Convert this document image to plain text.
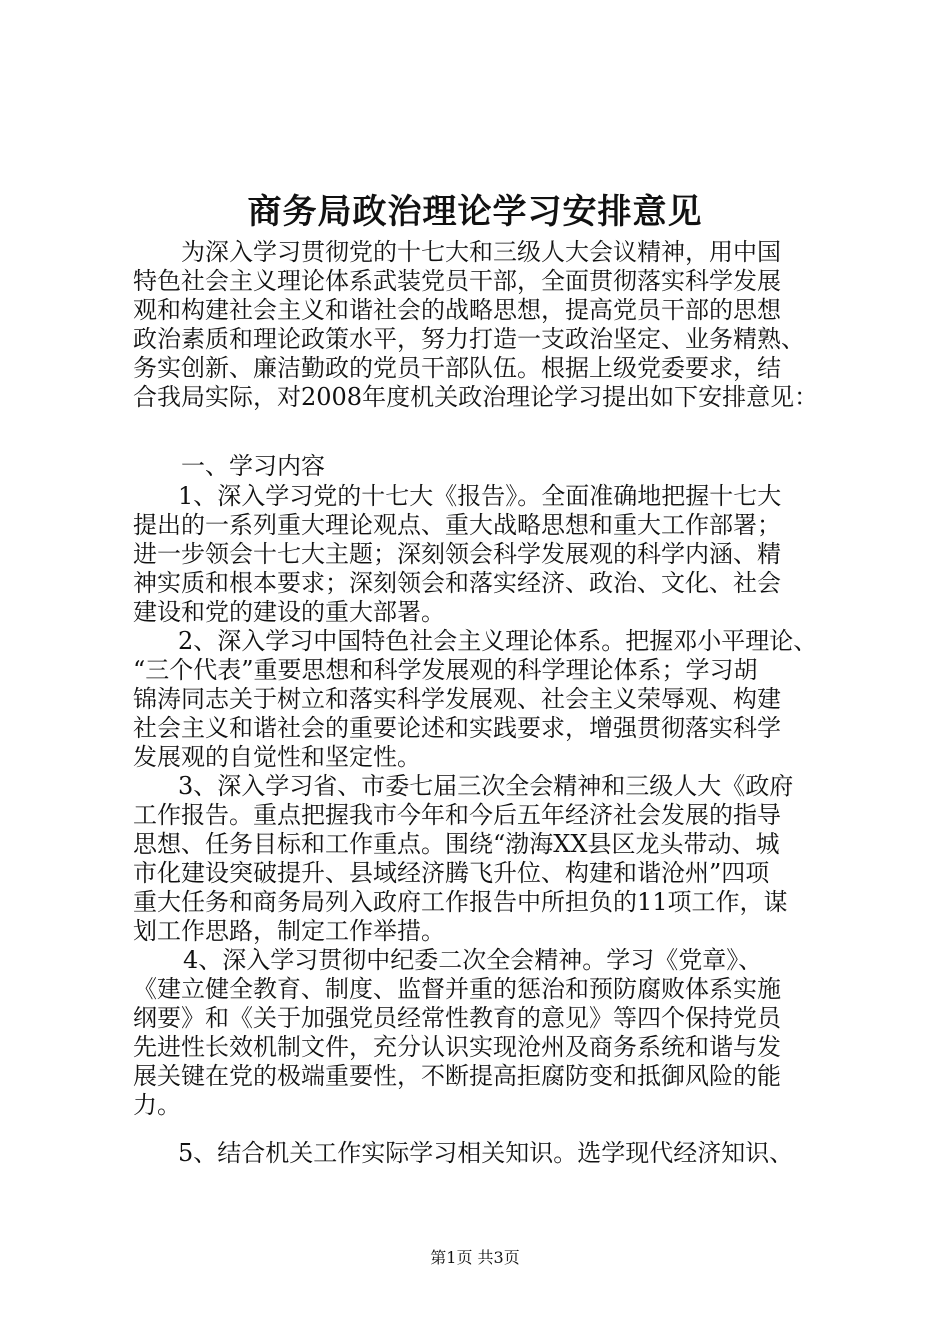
商务局政治理论学习安排意见
为深入学习贯彻党的十七大和三级人大会议精神，用中国
特色社会主义理论体系武装党员干部，全面贯彻落实科学发展
观和构建社会主义和谐社会的战略思想，提高党员干部的思想
政治素质和理论政策水平，努力打造一支政治坚定、业务精熟、
务实创新、廉洁勤政的党员干部队伍。根据上级党委要求，结
合我局实际，对2008年度机关政治理论学习提出如下安排意见：
一、学习内容
1、深入学习党的十七大《报告》。全面准确地把握十七大
提出的一系列重大理论观点、重大战略思想和重大工作部署；
进一步领会十七大主题；深刻领会科学发展观的科学内涵、精
神实质和根本要求；深刻领会和落实经济、政治、文化、社会
建设和党的建设的重大部署。
2、深入学习中国特色社会主义理论体系。把握邓小平理论、
“三个代表”重要思想和科学发展观的科学理论体系；学习胡
锦涛同志关于树立和落实科学发展观、社会主义荣辱观、构建
社会主义和谐社会的重要论述和实践要求，增强贯彻落实科学
发展观的自觉性和坚定性。
3、深入学习省、市委七届三次全会精神和三级人大《政府
工作报告。重点把握我市今年和今后五年经济社会发展的指导
思想、任务目标和工作重点。围绕“渤海XX县区龙头带动、城
市化建设突破提升、县域经济腾飞升位、构建和谐沧州”四项
重大任务和商务局列入政府工作报告中所担负的11项工作，谋
划工作思路，制定工作举措。
4、深入学习贯彻中纪委二次全会精神。学习《党章》、
《建立健全教育、制度、监督并重的惩治和预防腐败体系实施
纲要》和《关于加强党员经常性教育的意见》等四个保持党员
先进性长效机制文件，充分认识实现沧州及商务系统和谐与发
展关键在党的极端重要性，不断提高拒腐防变和抵御风险的能
力。
5、结合机关工作实际学习相关知识。选学现代经济知识、
第1页 共3页
